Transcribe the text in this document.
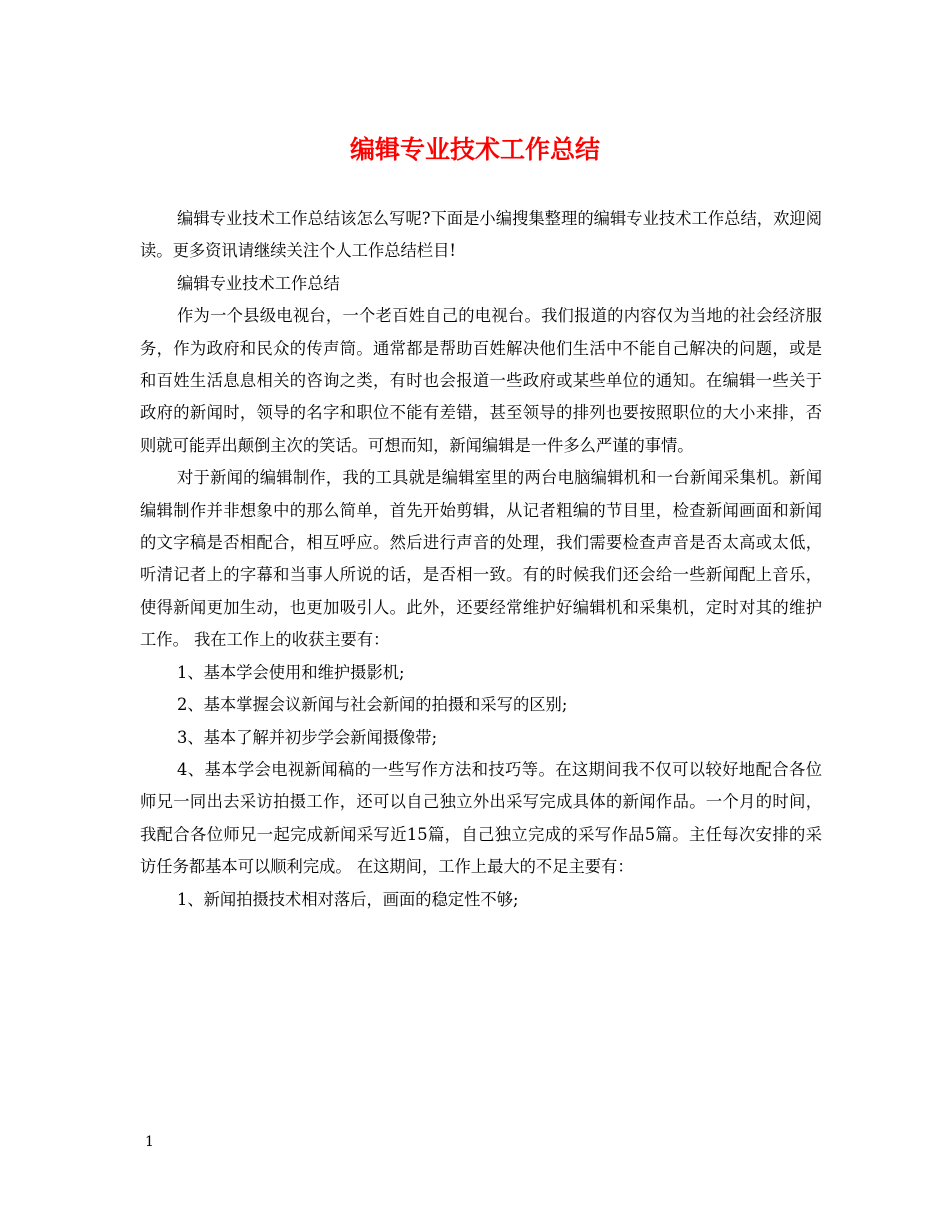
编辑专业技术工作总结

编辑专业技术工作总结该怎么写呢?下面是小编搜集整理的编辑专业技术工作总结，欢迎阅读。更多资讯请继续关注个人工作总结栏目!

编辑专业技术工作总结

作为一个县级电视台，一个老百姓自己的电视台。我们报道的内容仅为当地的社会经济服务，作为政府和民众的传声筒。通常都是帮助百姓解决他们生活中不能自己解决的问题，或是和百姓生活息息相关的咨询之类，有时也会报道一些政府或某些单位的通知。在编辑一些关于政府的新闻时，领导的名字和职位不能有差错，甚至领导的排列也要按照职位的大小来排，否则就可能弄出颠倒主次的笑话。可想而知，新闻编辑是一件多么严谨的事情。

对于新闻的编辑制作，我的工具就是编辑室里的两台电脑编辑机和一台新闻采集机。新闻编辑制作并非想象中的那么简单，首先开始剪辑，从记者粗编的节目里，检查新闻画面和新闻的文字稿是否相配合，相互呼应。然后进行声音的处理，我们需要检查声音是否太高或太低，听清记者上的字幕和当事人所说的话，是否相一致。有的时候我们还会给一些新闻配上音乐，使得新闻更加生动，也更加吸引人。此外，还要经常维护好编辑机和采集机，定时对其的维护工作。 我在工作上的收获主要有：

1、基本学会使用和维护摄影机;

2、基本掌握会议新闻与社会新闻的拍摄和采写的区别;

3、基本了解并初步学会新闻摄像带;

4、基本学会电视新闻稿的一些写作方法和技巧等。在这期间我不仅可以较好地配合各位师兄一同出去采访拍摄工作，还可以自己独立外出采写完成具体的新闻作品。一个月的时间，我配合各位师兄一起完成新闻采写近15篇，自己独立完成的采写作品5篇。主任每次安排的采访任务都基本可以顺利完成。 在这期间，工作上最大的不足主要有：

1、新闻拍摄技术相对落后，画面的稳定性不够;

1
